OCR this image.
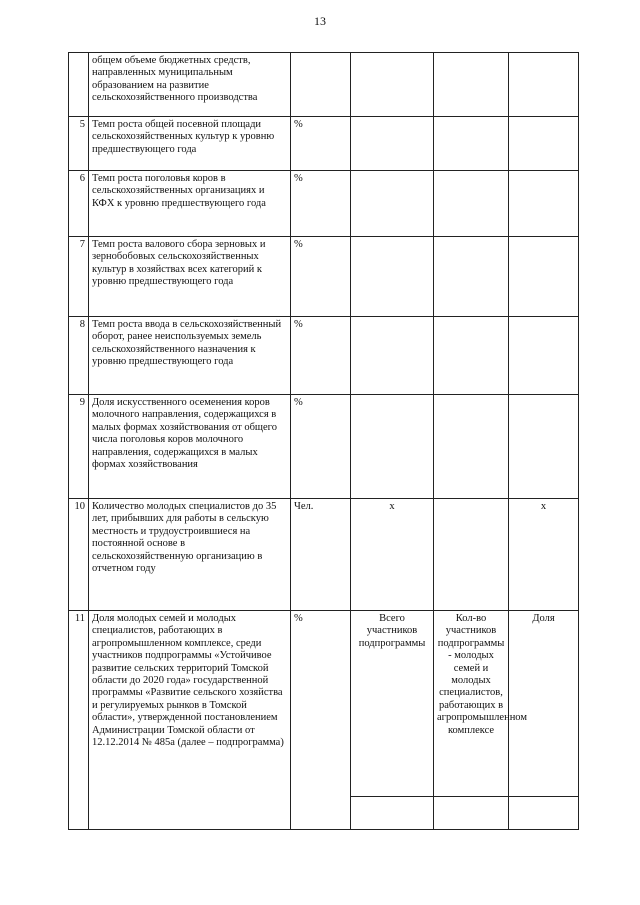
13
	общем объеме бюджетных средств, направленных муниципальным образованием на развитие сельскохозяйственного производства				
5	Темп роста общей посевной площади сельскохозяйственных культур к уровню предшествующего года	%			
6	Темп роста поголовья коров в сельскохозяйственных организациях и КФХ к уровню предшествующего года	%			
7	Темп роста валового сбора зерновых и зернобобовых сельскохозяйственных культур в хозяйствах всех категорий к уровню предшествующего года	%			
8	Темп роста ввода в сельскохозяйственный оборот, ранее неиспользуемых земель сельскохозяйственного назначения к уровню предшествующего года	%			
9	Доля искусственного осеменения коров молочного направления, содержащихся в малых формах хозяйствования от общего числа поголовья коров молочного направления, содержащихся в малых формах хозяйствования	%			
10	Количество молодых специалистов до 35 лет, прибывших для работы в сельскую местность и трудоустроившиеся на постоянной основе в сельскохозяйственную организацию в отчетном году	Чел.	х		х
11	Доля молодых семей и молодых специалистов, работающих в агропромышленном комплексе, среди участников подпрограммы «Устойчивое развитие сельских территорий Томской области до 2020 года» государственной программы «Развитие сельского хозяйства и регулируемых рынков в Томской области», утвержденной постановлением Администрации Томской области от 12.12.2014 № 485а (далее – подпрограмма)	%	Всего участников подпрограммы	Кол-во участников подпрограммы - молодых семей и молодых специалистов, работающих в агропромышленном комплексе	Доля
